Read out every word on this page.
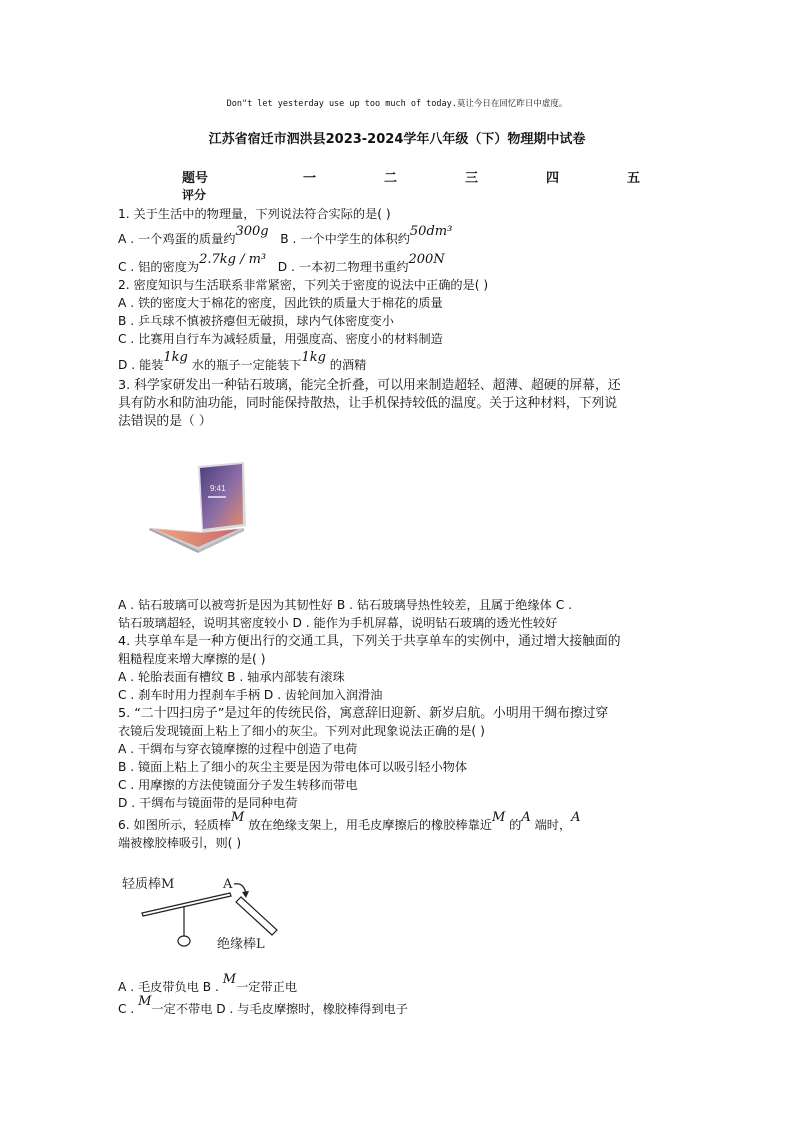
Don"t let yesterday use up too much of today.莫让今日在回忆昨日中虚度。
江苏省宿迁市泗洪县2023-2024学年八年级（下）物理期中试卷
题号	一	二	三	四	五
评分
1. 关于生活中的物理量，下列说法符合实际的是( )
A . 一个鸡蛋的质量约300g B . 一个中学生的体积约50dm³
C . 铝的密度为2.7kg / m³ D . 一本初二物理书重约200N
2. 密度知识与生活联系非常紧密，下列关于密度的说法中正确的是( )
A . 铁的密度大于棉花的密度，因此铁的质量大于棉花的质量
B . 乒乓球不慎被挤瘪但无破损，球内气体密度变小
C . 比赛用自行车为减轻质量，用强度高、密度小的材料制造
D . 能装1kg 水的瓶子一定能装下1kg 的酒精
3. 科学家研发出一种钻石玻璃，能完全折叠，可以用来制造超轻、超薄、超硬的屏幕，还
具有防水和防油功能，同时能保持散热，让手机保持较低的温度。关于这种材料，下列说
法错误的是（ ）
9:41
A . 钻石玻璃可以被弯折是因为其韧性好 B . 钻石玻璃导热性较差，且属于绝缘体 C .
钻石玻璃超轻，说明其密度较小 D . 能作为手机屏幕，说明钻石玻璃的透光性较好
4. 共享单车是一种方便出行的交通工具，下列关于共享单车的实例中，通过增大接触面的
粗糙程度来增大摩擦的是( )
A . 轮胎表面有槽纹 B . 轴承内部装有滚珠
C . 刹车时用力捏刹车手柄 D . 齿轮间加入润滑油
5. “二十四扫房子”是过年的传统民俗，寓意辞旧迎新、新岁启航。小明用干绸布擦过穿
衣镜后发现镜面上粘上了细小的灰尘。下列对此现象说法正确的是( )
A . 干绸布与穿衣镜摩擦的过程中创造了电荷
B . 镜面上粘上了细小的灰尘主要是因为带电体可以吸引轻小物体
C . 用摩擦的方法使镜面分子发生转移而带电
D . 干绸布与镜面带的是同种电荷
6. 如图所示，轻质棒M 放在绝缘支架上，用毛皮摩擦后的橡胶棒靠近M 的A 端时，A
端被橡胶棒吸引，则( )
轻质棒M	A
绝缘棒L
A . 毛皮带负电 B . M一定带正电
C . M一定不带电 D . 与毛皮摩擦时，橡胶棒得到电子
